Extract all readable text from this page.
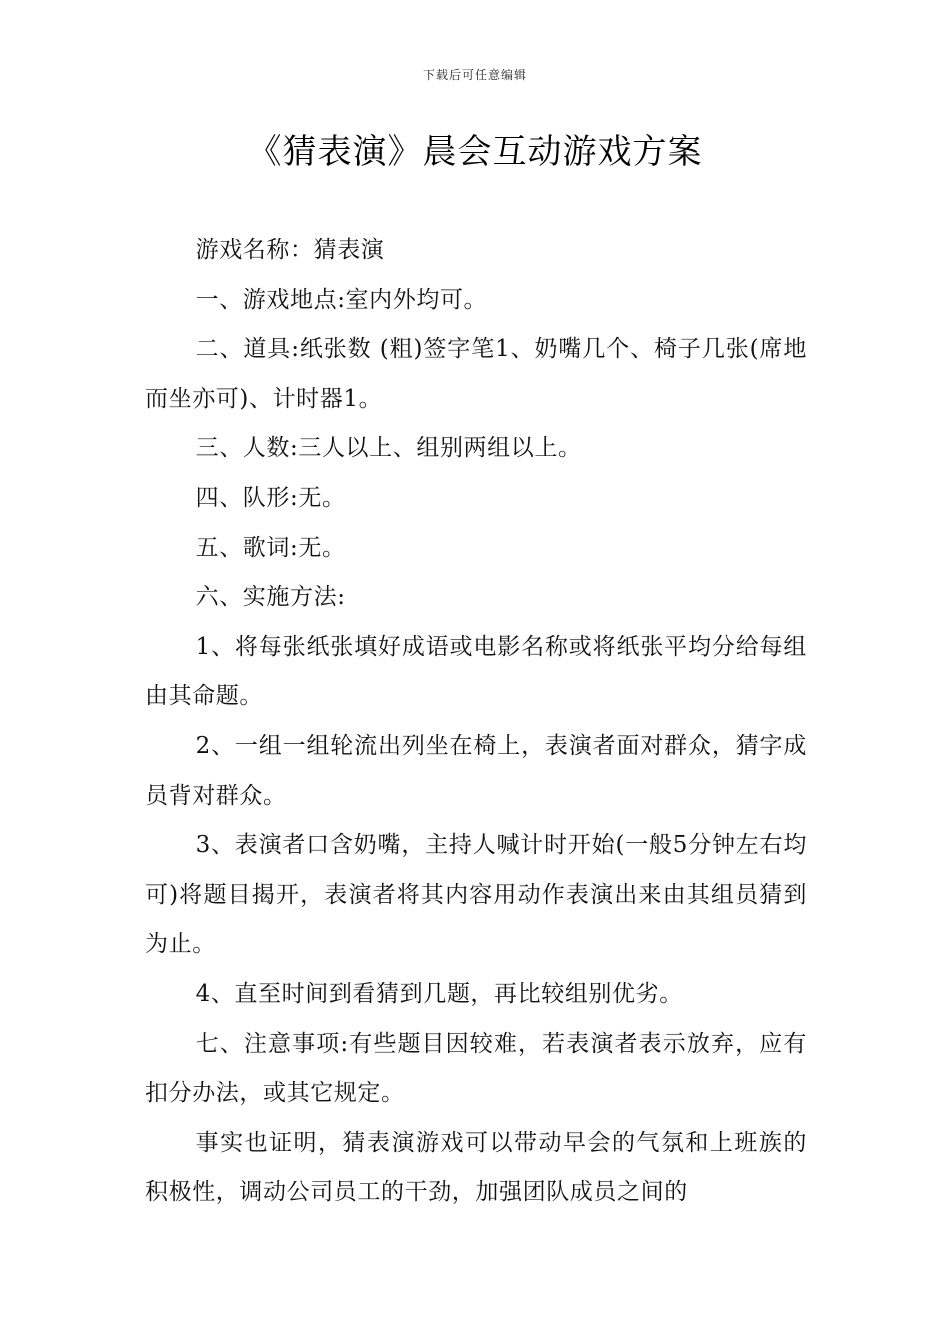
下载后可任意编辑
《猜表演》晨会互动游戏方案

游戏名称：猜表演

一、游戏地点:室内外均可。

二、道具:纸张数 (粗)签字笔1、奶嘴几个、椅子几张(席地而坐亦可)、计时器1。

三、人数:三人以上、组别两组以上。

四、队形:无。

五、歌词:无。

六、实施方法:

1、将每张纸张填好成语或电影名称或将纸张平均分给每组由其命题。

2、一组一组轮流出列坐在椅上，表演者面对群众，猜字成员背对群众。

3、表演者口含奶嘴，主持人喊计时开始(一般5分钟左右均可)将题目揭开，表演者将其内容用动作表演出来由其组员猜到为止。

4、直至时间到看猜到几题，再比较组别优劣。

七、注意事项:有些题目因较难，若表演者表示放弃，应有扣分办法，或其它规定。

事实也证明，猜表演游戏可以带动早会的气氛和上班族的积极性，调动公司员工的干劲，加强团队成员之间的
